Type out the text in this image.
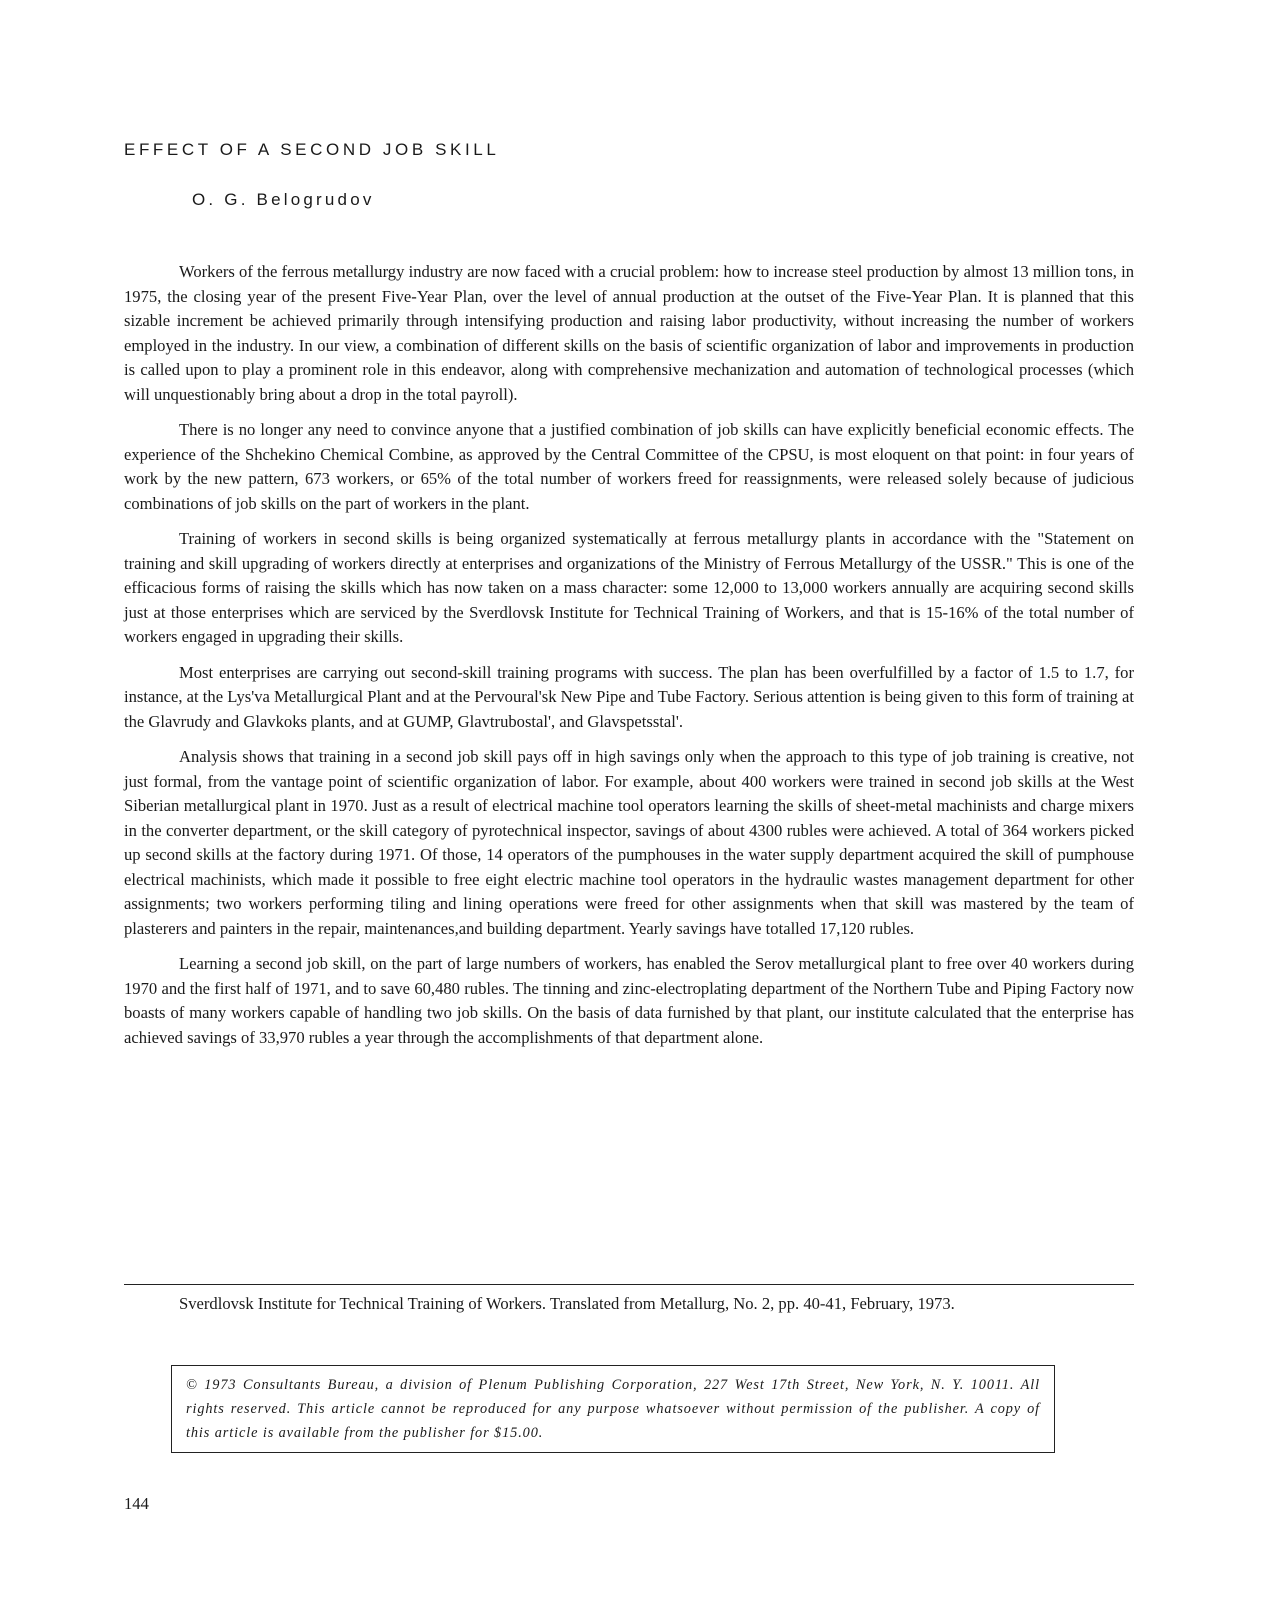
EFFECT OF A SECOND JOB SKILL

O. G. Belogrudov

Workers of the ferrous metallurgy industry are now faced with a crucial problem: how to increase steel production by almost 13 million tons, in 1975, the closing year of the present Five-Year Plan, over the level of annual production at the outset of the Five-Year Plan. It is planned that this sizable increment be achieved primarily through intensifying production and raising labor productivity, without increasing the number of workers employed in the industry. In our view, a combination of different skills on the basis of scientific organization of labor and improvements in production is called upon to play a prominent role in this endeavor, along with comprehensive mechanization and automation of technological processes (which will unquestionably bring about a drop in the total payroll).

There is no longer any need to convince anyone that a justified combination of job skills can have explicitly beneficial economic effects. The experience of the Shchekino Chemical Combine, as approved by the Central Committee of the CPSU, is most eloquent on that point: in four years of work by the new pattern, 673 workers, or 65% of the total number of workers freed for reassignments, were released solely because of judicious combinations of job skills on the part of workers in the plant.

Training of workers in second skills is being organized systematically at ferrous metallurgy plants in accordance with the "Statement on training and skill upgrading of workers directly at enterprises and organizations of the Ministry of Ferrous Metallurgy of the USSR." This is one of the efficacious forms of raising the skills which has now taken on a mass character: some 12,000 to 13,000 workers annually are acquiring second skills just at those enterprises which are serviced by the Sverdlovsk Institute for Technical Training of Workers, and that is 15-16% of the total number of workers engaged in upgrading their skills.

Most enterprises are carrying out second-skill training programs with success. The plan has been overfulfilled by a factor of 1.5 to 1.7, for instance, at the Lys'va Metallurgical Plant and at the Pervoural'sk New Pipe and Tube Factory. Serious attention is being given to this form of training at the Glavrudy and Glavkoks plants, and at GUMP, Glavtrubostal', and Glavspetsstal'.

Analysis shows that training in a second job skill pays off in high savings only when the approach to this type of job training is creative, not just formal, from the vantage point of scientific organization of labor. For example, about 400 workers were trained in second job skills at the West Siberian metallurgical plant in 1970. Just as a result of electrical machine tool operators learning the skills of sheet-metal machinists and charge mixers in the converter department, or the skill category of pyrotechnical inspector, savings of about 4300 rubles were achieved. A total of 364 workers picked up second skills at the factory during 1971. Of those, 14 operators of the pumphouses in the water supply department acquired the skill of pumphouse electrical machinists, which made it possible to free eight electric machine tool operators in the hydraulic wastes management department for other assignments; two workers performing tiling and lining operations were freed for other assignments when that skill was mastered by the team of plasterers and painters in the repair, maintenances,and building department. Yearly savings have totalled 17,120 rubles.

Learning a second job skill, on the part of large numbers of workers, has enabled the Serov metallurgical plant to free over 40 workers during 1970 and the first half of 1971, and to save 60,480 rubles. The tinning and zinc-electroplating department of the Northern Tube and Piping Factory now boasts of many workers capable of handling two job skills. On the basis of data furnished by that plant, our institute calculated that the enterprise has achieved savings of 33,970 rubles a year through the accomplishments of that department alone.

Sverdlovsk Institute for Technical Training of Workers. Translated from Metallurg, No. 2, pp. 40-41, February, 1973.

© 1973 Consultants Bureau, a division of Plenum Publishing Corporation, 227 West 17th Street, New York, N. Y. 10011. All rights reserved. This article cannot be reproduced for any purpose whatsoever without permission of the publisher. A copy of this article is available from the publisher for $15.00.

144
